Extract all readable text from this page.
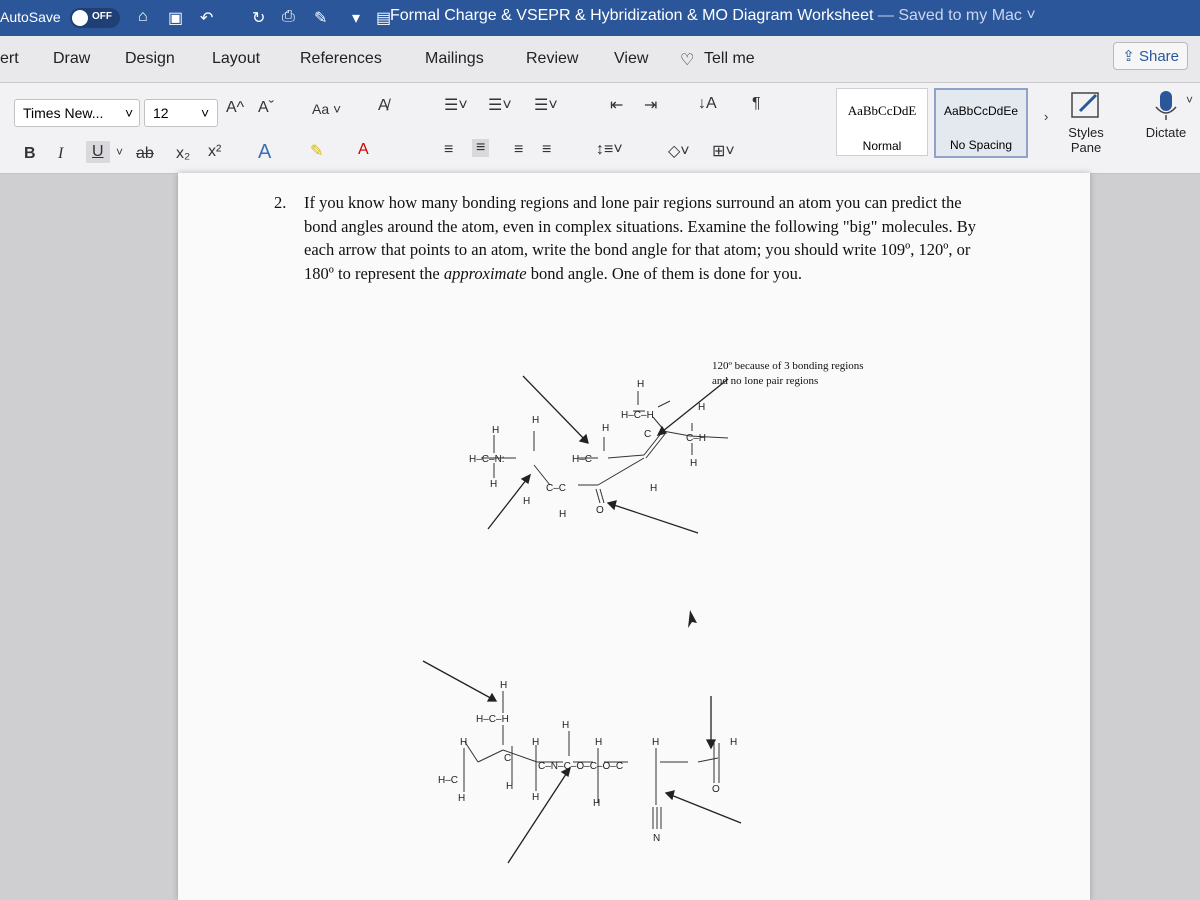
AutoSave	OFF ⌂ ▣ ↶ ↻ ⎙ ✎ ▾ ▤
Formal Charge & VSEPR & Hybridization & MO Diagram Worksheet — Saved to my Mac ˅
ert Draw Design Layout References	Mailings	Review View ♡ Tell me	⇪ Share
Times New... ˅ 12 ˅ A^ Aˇ	Aa ˅ A̸
B I	U	˅ ab x₂ x² A ✎ A
☰˅ ☰˅ ☰˅	⇤ ⇥	↓A ¶
≡ ≡ ≡ ≡	↕≡˅	◇˅ ⊞˅
AaBbCcDdE
Normal
AaBbCcDdEe
No Spacing
›
Styles Pane
Dictate
˅
2. If you know how many bonding regions and lone pair regions surround an atom you can predict the bond angles around the atom, even in complex situations. Examine the following "big" molecules. By each arrow that points to an atom, write the bond angle for that atom; you should write 109º, 120º, or 180º to represent the approximate bond angle. One of them is done for you.
120º because of 3 bonding regions and no lone pair regions
H
H–C–H
H
H
H
H
H–C–N:	H–C
C	C–H
H
H	C–C
H
H
H
O
H
H–C–H
H
H	H	H	H	H
H–C
C
C–N–C–O–C–O–C
H
H
H
H
O
N
